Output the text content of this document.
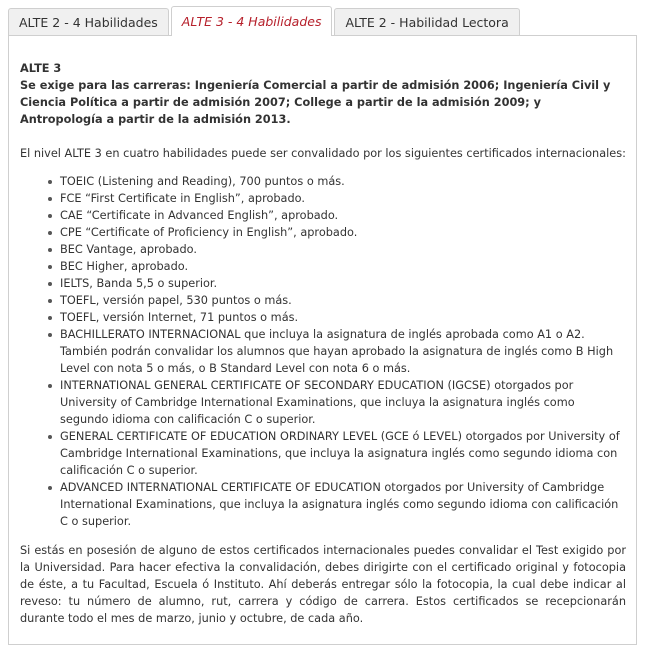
ALTE 2 - 4 Habilidades	ALTE 3 - 4 Habilidades	ALTE 2 - Habilidad Lectora

ALTE 3

Se exige para las carreras: Ingeniería Comercial a partir de admisión 2006; Ingeniería Civil y Ciencia Política a partir de admisión 2007; College a partir de la admisión 2009; y Antropología a partir de la admisión 2013.

El nivel ALTE 3 en cuatro habilidades puede ser convalidado por los siguientes certificados internacionales:

TOEIC (Listening and Reading), 700 puntos o más.
FCE “First Certificate in English”, aprobado.
CAE “Certificate in Advanced English”, aprobado.
CPE “Certificate of Proficiency in English”, aprobado.
BEC Vantage, aprobado.
BEC Higher, aprobado.
IELTS, Banda 5,5 o superior.
TOEFL, versión papel, 530 puntos o más.
TOEFL, versión Internet, 71 puntos o más.
BACHILLERATO INTERNACIONAL que incluya la asignatura de inglés aprobada como A1 o A2. También podrán convalidar los alumnos que hayan aprobado la asignatura de inglés como B High Level con nota 5 o más, o B Standard Level con nota 6 o más.
INTERNATIONAL GENERAL CERTIFICATE OF SECONDARY EDUCATION (IGCSE) otorgados por University of Cambridge International Examinations, que incluya la asignatura inglés como segundo idioma con calificación C o superior.
GENERAL CERTIFICATE OF EDUCATION ORDINARY LEVEL (GCE ó LEVEL) otorgados por University of Cambridge International Examinations, que incluya la asignatura inglés como segundo idioma con calificación C o superior.
ADVANCED INTERNATIONAL CERTIFICATE OF EDUCATION otorgados por University of Cambridge International Examinations, que incluya la asignatura inglés como segundo idioma con calificación C o superior.

Si estás en posesión de alguno de estos certificados internacionales puedes convalidar el Test exigido por la Universidad. Para hacer efectiva la convalidación, debes dirigirte con el certificado original y fotocopia de éste, a tu Facultad, Escuela ó Instituto. Ahí deberás entregar sólo la fotocopia, la cual debe indicar al reveso: tu número de alumno, rut, carrera y código de carrera. Estos certificados se recepcionarán durante todo el mes de marzo, junio y octubre, de cada año.
